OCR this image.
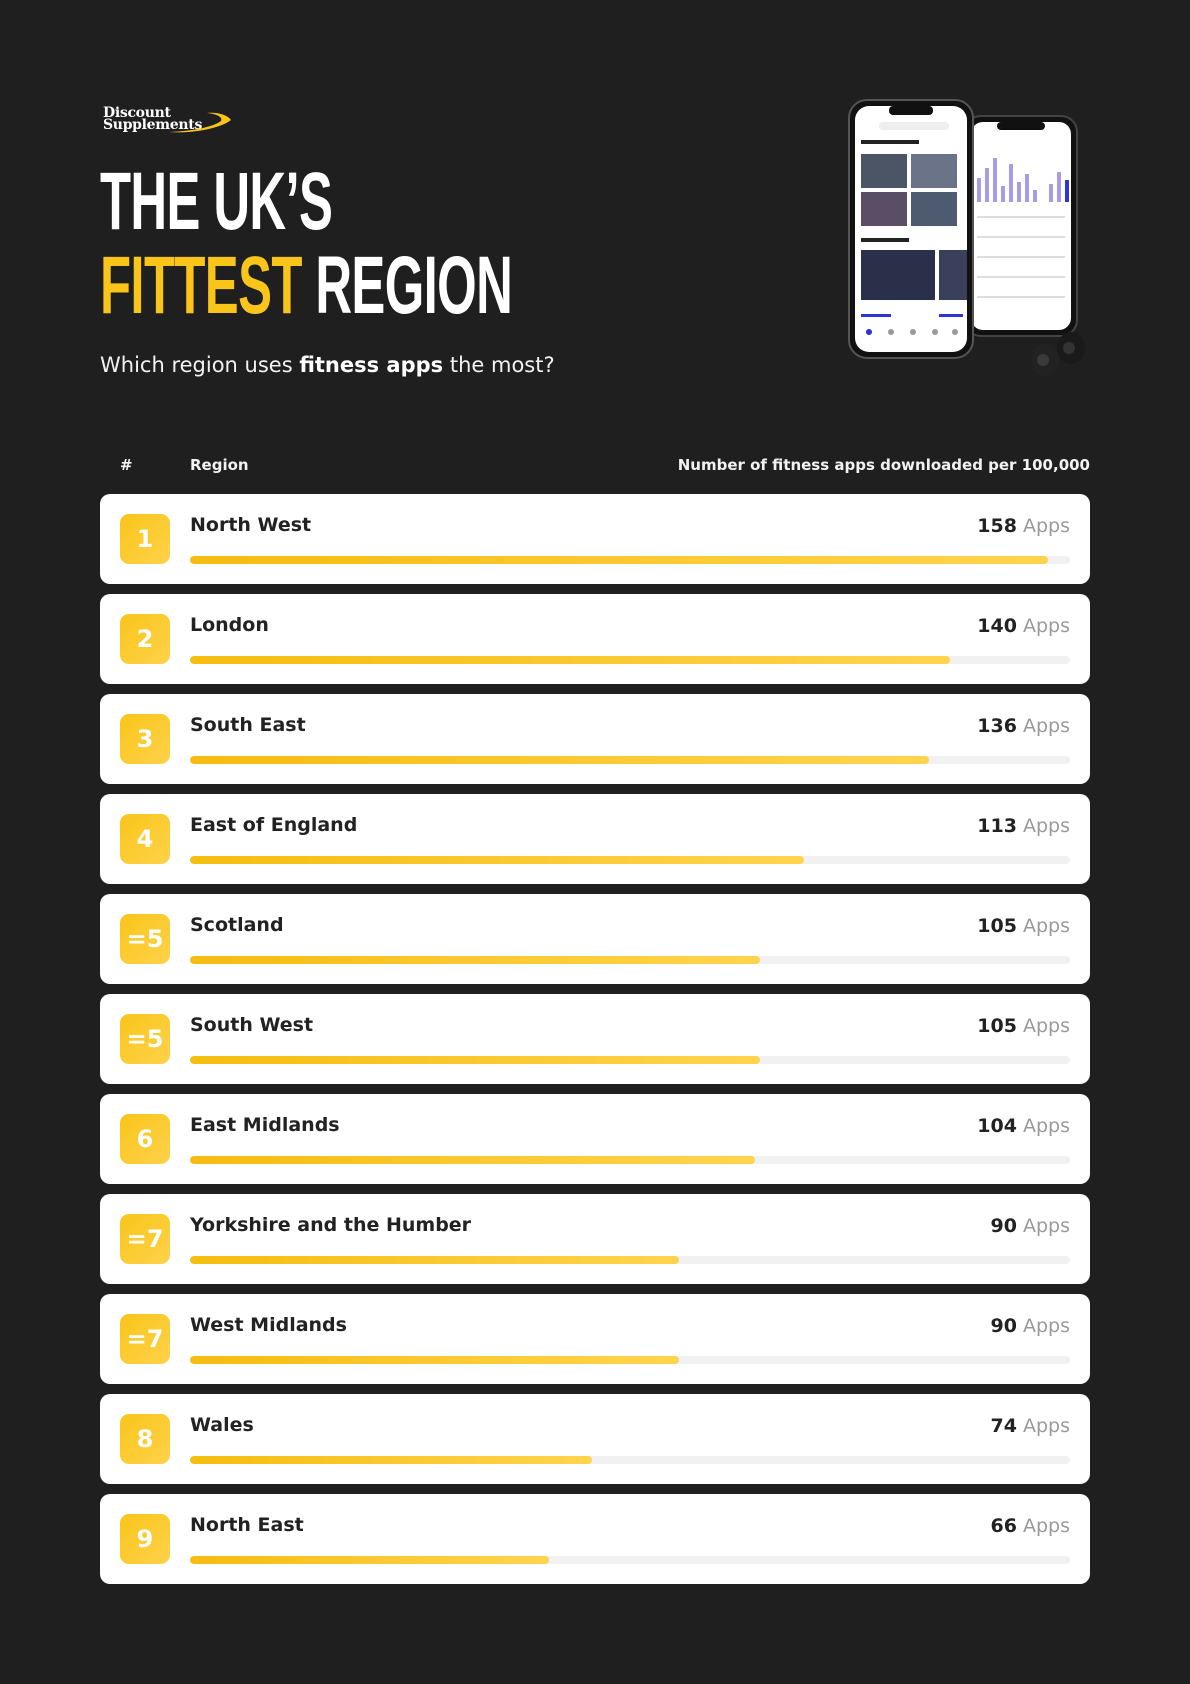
Discount
Supplements
THE UK’S
FITTEST REGION
Which region uses fitness apps the most?
#	Region	Number of fitness apps downloaded per 100,000
1	North West	158 Apps
2	London	140 Apps
3	South East	136 Apps
4	East of England	113 Apps
=5	Scotland	105 Apps
=5	South West	105 Apps
6	East Midlands	104 Apps
=7	Yorkshire and the Humber	90 Apps
=7	West Midlands	90 Apps
8	Wales	74 Apps
9	North East	66 Apps
